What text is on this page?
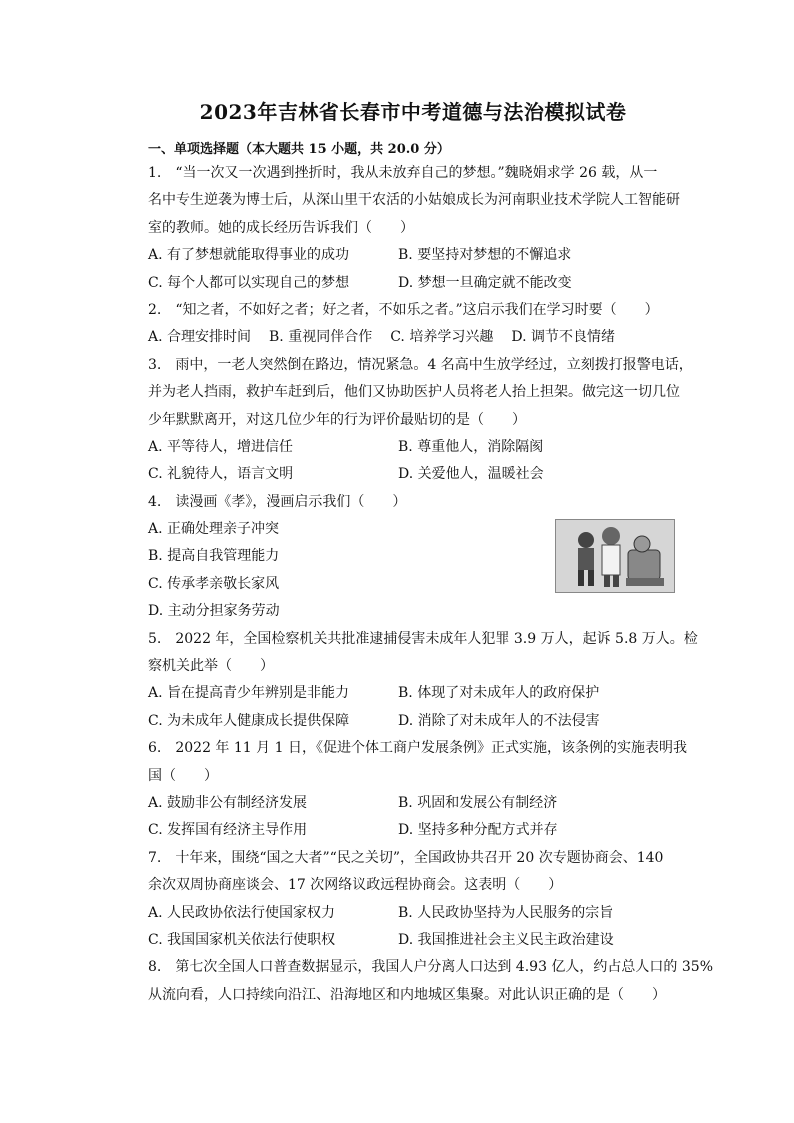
2023年吉林省长春市中考道德与法治模拟试卷
一、单项选择题（本大题共 15 小题，共 20.0 分）
1.　“当一次又一次遇到挫折时，我从未放弃自己的梦想。”魏晓娟求学 26 载，从一
名中专生逆袭为博士后，从深山里干农活的小姑娘成长为河南职业技术学院人工智能研
室的教师。她的成长经历告诉我们（　　）
A. 有了梦想就能取得事业的成功	B. 要坚持对梦想的不懈追求
C. 每个人都可以实现自己的梦想	D. 梦想一旦确定就不能改变
2.　“知之者，不如好之者；好之者，不如乐之者。”这启示我们在学习时要（　　）
A. 合理安排时间 B. 重视同伴合作 C. 培养学习兴趣 D. 调节不良情绪
3.　雨中，一老人突然倒在路边，情况紧急。4 名高中生放学经过，立刻拨打报警电话，
并为老人挡雨，救护车赶到后，他们又协助医护人员将老人抬上担架。做完这一切几位
少年默默离开，对这几位少年的行为评价最贴切的是（　　）
A. 平等待人，增进信任	B. 尊重他人，消除隔阂
C. 礼貌待人，语言文明	D. 关爱他人，温暖社会
4.　读漫画《孝》，漫画启示我们（　　）
A. 正确处理亲子冲突
B. 提高自我管理能力
C. 传承孝亲敬长家风
D. 主动分担家务劳动
5.　2022 年，全国检察机关共批准逮捕侵害未成年人犯罪 3.9 万人，起诉 5.8 万人。检
察机关此举（　　）
A. 旨在提高青少年辨别是非能力	B. 体现了对未成年人的政府保护
C. 为未成年人健康成长提供保障	D. 消除了对未成年人的不法侵害
6.　2022 年 11 月 1 日，《促进个体工商户发展条例》正式实施，该条例的实施表明我
国（　　）
A. 鼓励非公有制经济发展	B. 巩固和发展公有制经济
C. 发挥国有经济主导作用	D. 坚持多种分配方式并存
7.　十年来，围绕“国之大者”“民之关切”，全国政协共召开 20 次专题协商会、140
余次双周协商座谈会、17 次网络议政远程协商会。这表明（　　）
A. 人民政协依法行使国家权力	B. 人民政协坚持为人民服务的宗旨
C. 我国国家机关依法行使职权	D. 我国推进社会主义民主政治建设
8.　第七次全国人口普查数据显示，我国人户分离人口达到 4.93 亿人，约占总人口的 35%
从流向看，人口持续向沿江、沿海地区和内地城区集聚。对此认识正确的是（　　）
